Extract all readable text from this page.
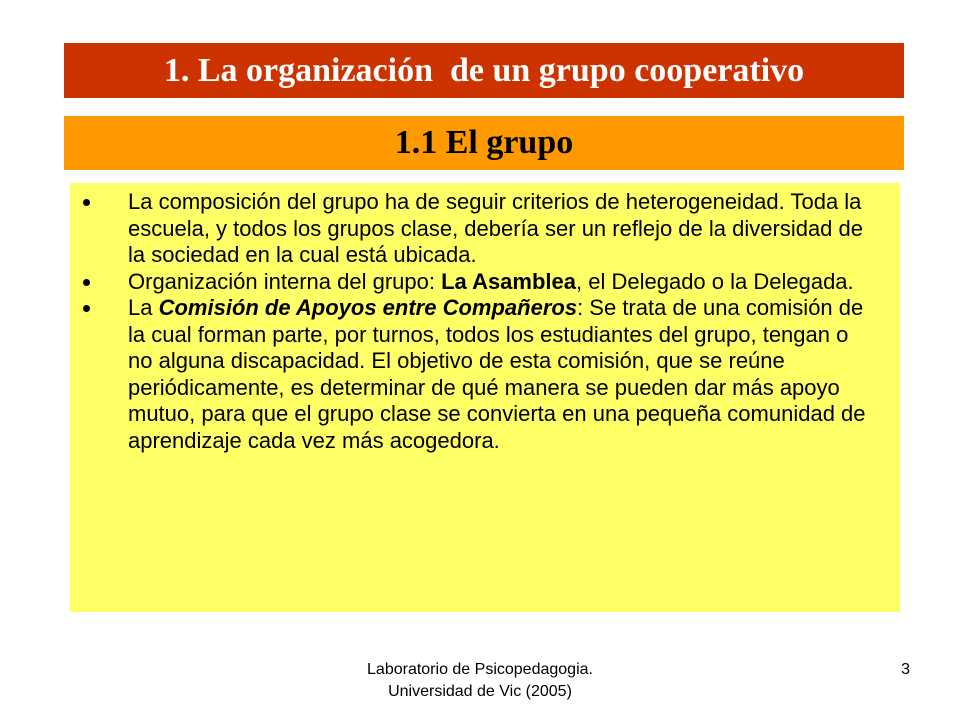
1. La organización  de un grupo cooperativo
1.1 El grupo
La composición del grupo ha de seguir criterios de heterogeneidad. Toda la escuela, y todos los grupos clase, debería ser un reflejo de la diversidad de la sociedad en la cual está ubicada.
Organización interna del grupo: La Asamblea, el Delegado o la Delegada.
La Comisión de Apoyos entre Compañeros: Se trata de una comisión de la cual forman parte, por turnos, todos los estudiantes del grupo, tengan o no alguna discapacidad. El objetivo de esta comisión, que se reúne periódicamente, es determinar de qué manera se pueden dar más apoyo mutuo, para que el grupo clase se convierta en una pequeña comunidad de aprendizaje cada vez más acogedora.
Laboratorio de Psicopedagogia.
Universidad de Vic (2005)
3
